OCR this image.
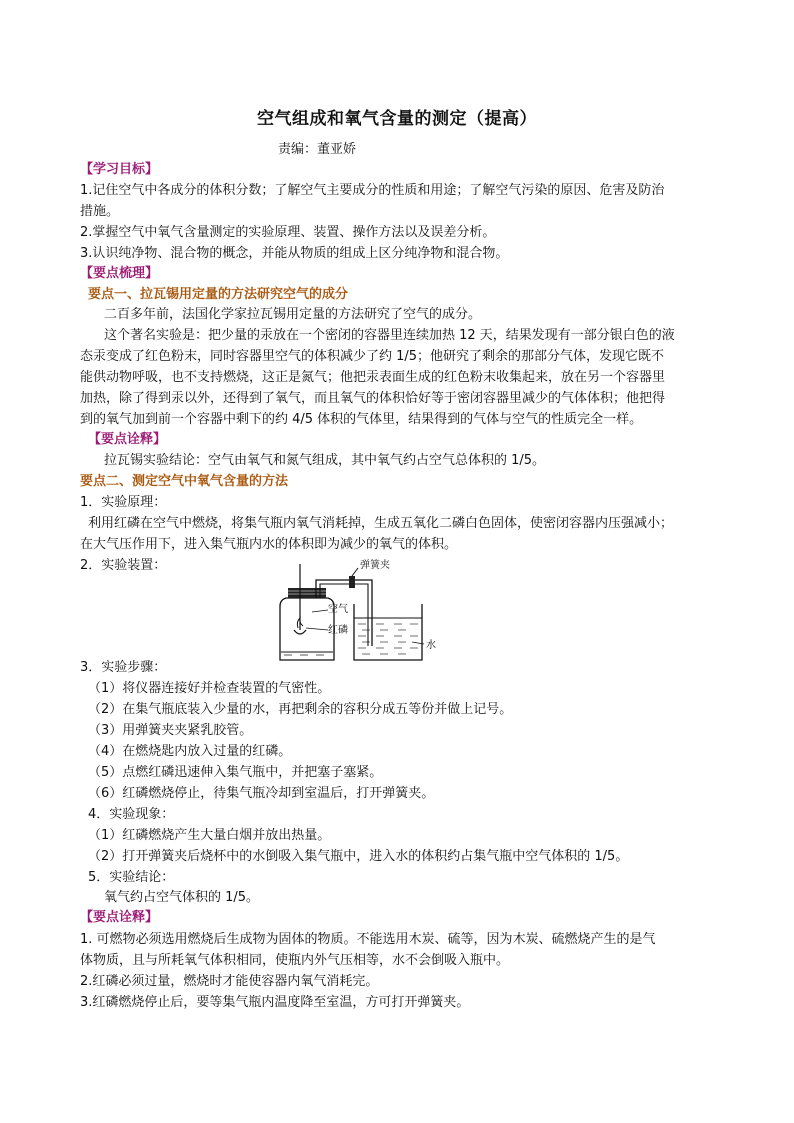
空气组成和氧气含量的测定（提高）
责编：董亚娇
【学习目标】
1.记住空气中各成分的体积分数；了解空气主要成分的性质和用途；了解空气污染的原因、危害及防治
措施。
2.掌握空气中氧气含量测定的实验原理、装置、操作方法以及误差分析。
3.认识纯净物、混合物的概念，并能从物质的组成上区分纯净物和混合物。
【要点梳理】
要点一、拉瓦锡用定量的方法研究空气的成分
二百多年前，法国化学家拉瓦锡用定量的方法研究了空气的成分。
这个著名实验是：把少量的汞放在一个密闭的容器里连续加热 12 天，结果发现有一部分银白色的液
态汞变成了红色粉末，同时容器里空气的体积减少了约 1/5；他研究了剩余的那部分气体，发现它既不
能供动物呼吸，也不支持燃烧，这正是氮气；他把汞表面生成的红色粉末收集起来，放在另一个容器里
加热，除了得到汞以外，还得到了氧气，而且氧气的体积恰好等于密闭容器里减少的气体体积；他把得
到的氧气加到前一个容器中剩下的约 4/5 体积的气体里，结果得到的气体与空气的性质完全一样。
【要点诠释】
拉瓦锡实验结论：空气由氧气和氮气组成，其中氧气约占空气总体积的 1/5。
要点二、测定空气中氧气含量的方法
1．实验原理：
利用红磷在空气中燃烧，将集气瓶内氧气消耗掉，生成五氧化二磷白色固体，使密闭容器内压强减小；
在大气压作用下，进入集气瓶内水的体积即为减少的氧气的体积。
2．实验装置：	弹簧夹
空气
红磷
水
3．实验步骤：
（1）将仪器连接好并检查装置的气密性。
（2）在集气瓶底装入少量的水，再把剩余的容积分成五等份并做上记号。
（3）用弹簧夹夹紧乳胶管。
（4）在燃烧匙内放入过量的红磷。
（5）点燃红磷迅速伸入集气瓶中，并把塞子塞紧。
（6）红磷燃烧停止，待集气瓶冷却到室温后，打开弹簧夹。
4．实验现象：
（1）红磷燃烧产生大量白烟并放出热量。
（2）打开弹簧夹后烧杯中的水倒吸入集气瓶中，进入水的体积约占集气瓶中空气体积的 1/5。
5．实验结论：
氧气约占空气体积的 1/5。
【要点诠释】
1. 可燃物必须选用燃烧后生成物为固体的物质。不能选用木炭、硫等，因为木炭、硫燃烧产生的是气
体物质，且与所耗氧气体积相同，使瓶内外气压相等，水不会倒吸入瓶中。
2.红磷必须过量，燃烧时才能使容器内氧气消耗完。
3.红磷燃烧停止后，要等集气瓶内温度降至室温，方可打开弹簧夹。
